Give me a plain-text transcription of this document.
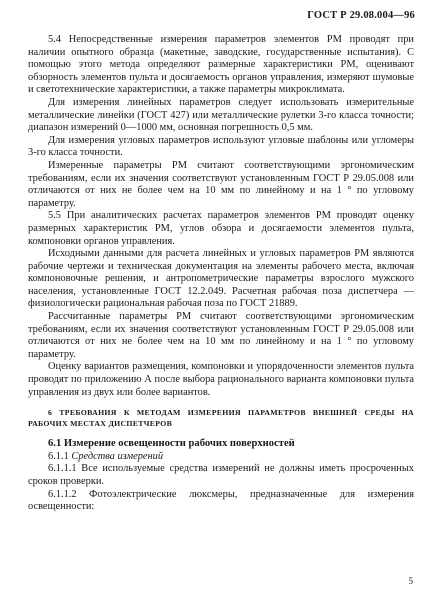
ГОСТ Р 29.08.004—96

5.4 Непосредственные измерения параметров элементов РМ проводят при наличии опытного образца (макетные, заводские, государственные испытания). С помощью этого метода определяют размерные характеристики РМ, оценивают обзорность элементов пульта и досягаемость органов управления, измеряют шумовые и светотехнические характеристики, а также параметры микроклимата.

Для измерения линейных параметров следует использовать измерительные металлические линейки (ГОСТ 427) или металлические рулетки 3-го класса точности; диапазон измерений 0—1000 мм, основная погрешность 0,5 мм.

Для измерения угловых параметров используют угловые шаблоны или угломеры 3-го класса точности.

Измеренные параметры РМ считают соответствующими эргономическим требованиям, если их значения соответствуют установленным ГОСТ Р 29.05.008 или отличаются от них не более чем на 10 мм по линейному и на 1 ° по угловому параметру.

5.5 При аналитических расчетах параметров элементов РМ проводят оценку размерных характеристик РМ, углов обзора и досягаемости элементов пульта, компоновки органов управления.

Исходными данными для расчета линейных и угловых параметров РМ являются рабочие чертежи и техническая документация на элементы рабочего места, включая компоновочные решения, и антропометрические параметры взрослого мужского населения, установленные ГОСТ 12.2.049. Расчетная рабочая поза диспетчера — физиологически рациональная рабочая поза по ГОСТ 21889.

Рассчитанные параметры РМ считают соответствующими эргономическим требованиям, если их значения соответствуют установленным ГОСТ Р 29.05.008 или отличаются от них не более чем на 10 мм по линейному и на 1 ° по угловому параметру.

Оценку вариантов размещения, компоновки и упорядоченности элементов пульта проводят по приложению А после выбора рационального варианта компоновки пульта управления из двух или более вариантов.

6 ТРЕБОВАНИЯ К МЕТОДАМ ИЗМЕРЕНИЯ ПАРАМЕТРОВ ВНЕШНЕЙ СРЕДЫ НА РАБОЧИХ МЕСТАХ ДИСПЕТЧЕРОВ

6.1 Измерение освещенности рабочих поверхностей

6.1.1 Средства измерений

6.1.1.1 Все используемые средства измерений не должны иметь просроченных сроков проверки.

6.1.1.2 Фотоэлектрические люксмеры, предназначенные для измерения освещенности:

5
